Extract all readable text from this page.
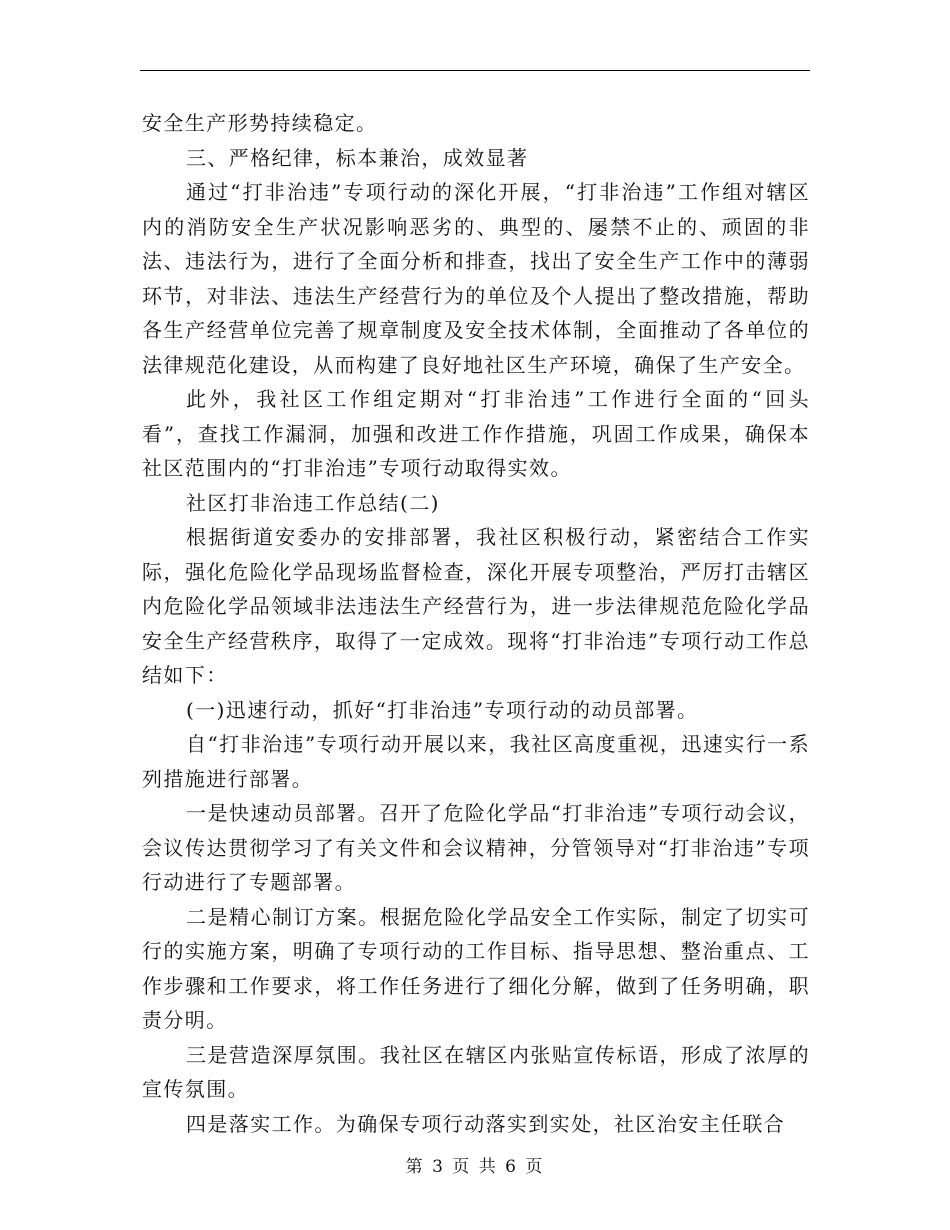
安全生产形势持续稳定。

三、严格纪律，标本兼治，成效显著

通过“打非治违”专项行动的深化开展，“打非治违”工作组对辖区内的消防安全生产状况影响恶劣的、典型的、屡禁不止的、顽固的非法、违法行为，进行了全面分析和排查，找出了安全生产工作中的薄弱环节，对非法、违法生产经营行为的单位及个人提出了整改措施，帮助各生产经营单位完善了规章制度及安全技术体制，全面推动了各单位的法律规范化建设，从而构建了良好地社区生产环境，确保了生产安全。

此外，我社区工作组定期对“打非治违”工作进行全面的“回头看”，查找工作漏洞，加强和改进工作作措施，巩固工作成果，确保本社区范围内的“打非治违”专项行动取得实效。

社区打非治违工作总结(二)

根据街道安委办的安排部署，我社区积极行动，紧密结合工作实际，强化危险化学品现场监督检查，深化开展专项整治，严厉打击辖区内危险化学品领域非法违法生产经营行为，进一步法律规范危险化学品安全生产经营秩序，取得了一定成效。现将“打非治违”专项行动工作总结如下：

(一)迅速行动，抓好“打非治违”专项行动的动员部署。

自“打非治违”专项行动开展以来，我社区高度重视，迅速实行一系列措施进行部署。

一是快速动员部署。召开了危险化学品“打非治违”专项行动会议，会议传达贯彻学习了有关文件和会议精神，分管领导对“打非治违”专项行动进行了专题部署。

二是精心制订方案。根据危险化学品安全工作实际，制定了切实可行的实施方案，明确了专项行动的工作目标、指导思想、整治重点、工作步骤和工作要求，将工作任务进行了细化分解，做到了任务明确，职责分明。

三是营造深厚氛围。我社区在辖区内张贴宣传标语，形成了浓厚的宣传氛围。

四是落实工作。为确保专项行动落实到实处，社区治安主任联合

第 3 页 共 6 页
